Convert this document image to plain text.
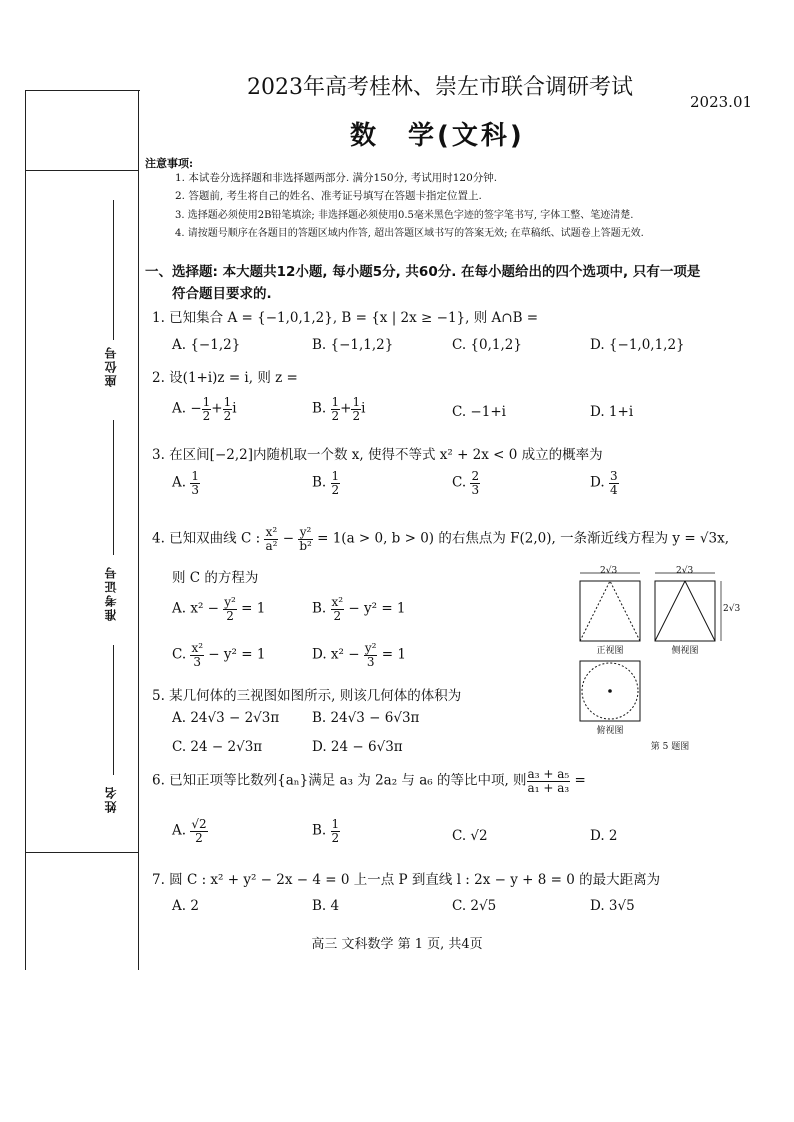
座位号
准考证号
姓名
2023年高考桂林、崇左市联合调研考试
2023.01
数　学(文科)
注意事项:
1. 本试卷分选择题和非选择题两部分. 满分150分, 考试用时120分钟.
2. 答题前, 考生将自己的姓名、准考证号填写在答题卡指定位置上.
3. 选择题必须使用2B铅笔填涂; 非选择题必须使用0.5毫米黑色字迹的签字笔书写, 字体工整、笔迹清楚.
4. 请按题号顺序在各题目的答题区域内作答, 超出答题区域书写的答案无效; 在草稿纸、试题卷上答题无效.
一、选择题: 本大题共12小题, 每小题5分, 共60分. 在每小题给出的四个选项中, 只有一项是
符合题目要求的.
1. 已知集合 A = {−1,0,1,2}, B = {x | 2x ≥ −1}, 则 A∩B =
A. {−1,2}	B. {−1,1,2}	C. {0,1,2}	D. {−1,0,1,2}
2. 设(1+i)z = i, 则 z =
A. − $\frac{1}{2} + \frac{1}{2}$ i	B. $\frac{1}{2} + \frac{1}{2}$ i	C. −1+i	D. 1+i
3. 在区间[−2,2]内随机取一个数 x, 使得不等式 x² + 2x < 0 成立的概率为
A. $\frac{1}{3}$	B. $\frac{1}{2}$	C. $\frac{2}{3}$	D. $\frac{3}{4}$
4. 已知双曲线 C : $\frac{\text{x²}}{\text{a²}} - \frac{\text{y²}}{\text{b²}} = 1(a > 0$, b > 0) 的右焦点为 F(2,0), 一条渐近线方程为 y = √3x,
则 C 的方程为
A. $x^2 - \frac{\text{y²}}{2} = 1$	B. $\frac{\text{x²}}{2} - y^2 = 1$
C. $\frac{\text{x²}}{3} - y^2 = 1$	D. $x^2 - \frac{\text{y²}}{3} = 1$
5. 某几何体的三视图如图所示, 则该几何体的体积为
A. 24√3 − 2√3π B. 24√3 − 6√3π
C. 24 − 2√3π	D. 24 − 6√3π
2√3	2√3
2√3
正视图	侧视图
俯视图
第 5 题图
6. 已知正项等比数列{aₙ}满足 a₃ 为 2a₂ 与 a₆ 的等比中项, 则 $\frac{\text{a₃ + a₅}}{\text{a₁ + a₃}}$ =
A. $\frac{√2}{2}$	B. $\frac{1}{2}$	C. √2	D. 2
7. 圆 C : x² + y² − 2x − 4 = 0 上一点 P 到直线 l : 2x − y + 8 = 0 的最大距离为
A. 2	B. 4	C. 2√5	D. 3√5
高三 文科数学 第 1 页, 共4页
